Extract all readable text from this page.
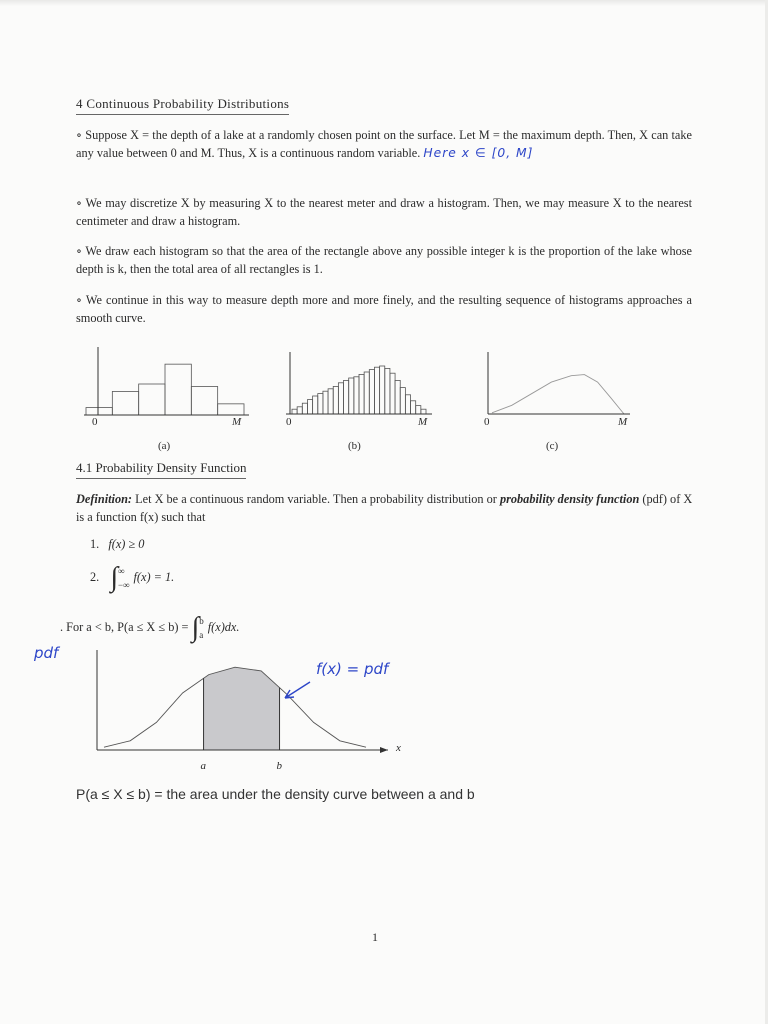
4 Continuous Probability Distributions

∘ Suppose X = the depth of a lake at a randomly chosen point on the surface. Let M = the maximum depth. Then, X can take any value between 0 and M. Thus, X is a continuous random variable. Here x ∈ [0, M]

∘ We may discretize X by measuring X to the nearest meter and draw a histogram. Then, we may measure X to the nearest centimeter and draw a histogram.

∘ We draw each histogram so that the area of the rectangle above any possible integer k is the proportion of the lake whose depth is k, then the total area of all rectangles is 1.

∘ We continue in this way to measure depth more and more finely, and the resulting sequence of histograms approaches a smooth curve.

0	M	0	M	0	M
(a)	(b)	(c)
4.1 Probability Density Function

Definition: Let X be a continuous random variable. Then a probability distribution or probability density function (pdf) of X is a function f(x) such that

1. f(x) ≥ 0
2. ∫∞
−∞f(x) = 1.
. For a < b, P(a ≤ X ≤ b) = ∫b
af(x)dx.
pdf
f(x) = pdf
x
a	b
P(a ≤ X ≤ b) = the area under the density curve between a and b
1
